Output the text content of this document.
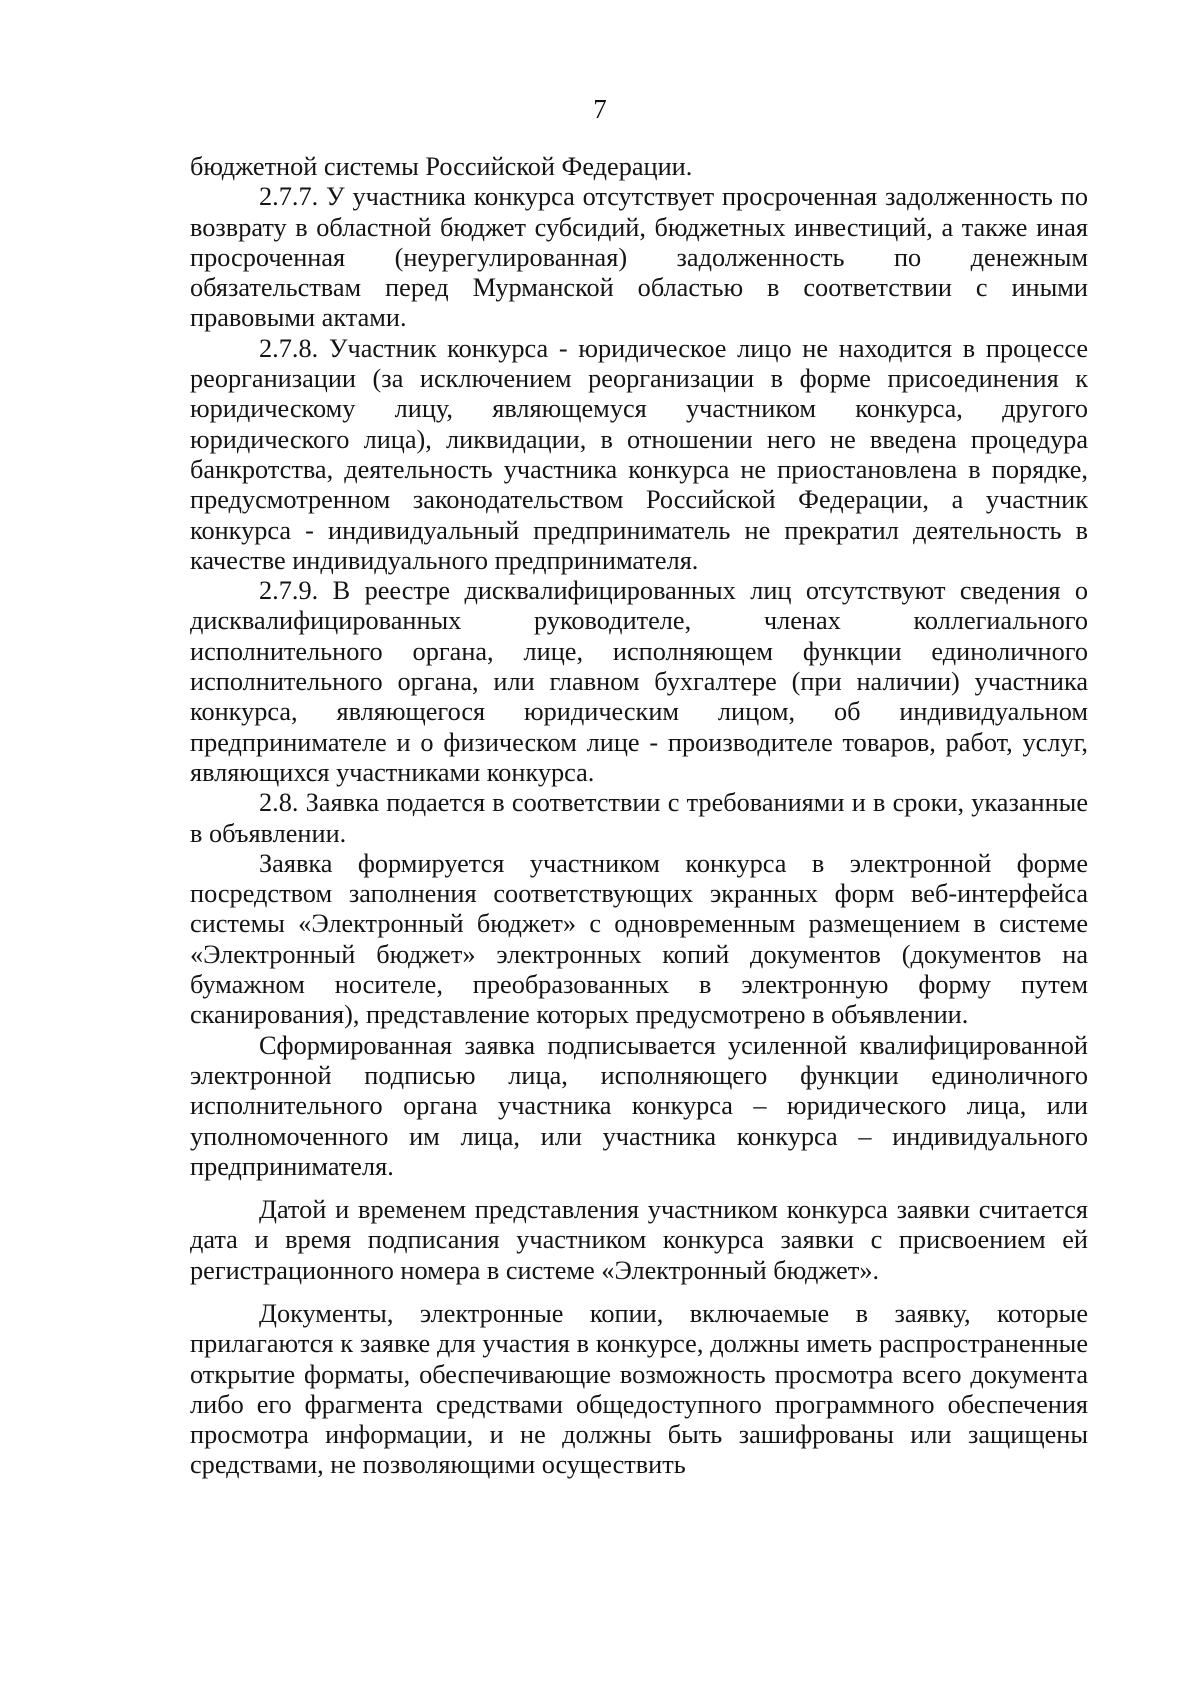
7

бюджетной системы Российской Федерации.

2.7.7. У участника конкурса отсутствует просроченная задолженность по возврату в областной бюджет субсидий, бюджетных инвестиций, а также иная просроченная (неурегулированная) задолженность по денежным обязательствам перед Мурманской областью в соответствии с иными правовыми актами.

2.7.8. Участник конкурса - юридическое лицо не находится в процессе реорганизации (за исключением реорганизации в форме присоединения к юридическому лицу, являющемуся участником конкурса, другого юридического лица), ликвидации, в отношении него не введена процедура банкротства, деятельность участника конкурса не приостановлена в порядке, предусмотренном законодательством Российской Федерации, а участник конкурса - индивидуальный предприниматель не прекратил деятельность в качестве индивидуального предпринимателя.

2.7.9. В реестре дисквалифицированных лиц отсутствуют сведения о дисквалифицированных руководителе, членах коллегиального исполнительного органа, лице, исполняющем функции единоличного исполнительного органа, или главном бухгалтере (при наличии) участника конкурса, являющегося юридическим лицом, об индивидуальном предпринимателе и о физическом лице - производителе товаров, работ, услуг, являющихся участниками конкурса.

2.8. Заявка подается в соответствии с требованиями и в сроки, указанные в объявлении.

Заявка формируется участником конкурса в электронной форме посредством заполнения соответствующих экранных форм веб-интерфейса системы «Электронный бюджет» с одновременным размещением в системе «Электронный бюджет» электронных копий документов (документов на бумажном носителе, преобразованных в электронную форму путем сканирования), представление которых предусмотрено в объявлении.

Сформированная заявка подписывается усиленной квалифицированной электронной подписью лица, исполняющего функции единоличного исполнительного органа участника конкурса – юридического лица, или уполномоченного им лица, или участника конкурса – индивидуального предпринимателя.

Датой и временем представления участником конкурса заявки считается дата и время подписания участником конкурса заявки с присвоением ей регистрационного номера в системе «Электронный бюджет».

Документы, электронные копии, включаемые в заявку, которые прилагаются к заявке для участия в конкурсе, должны иметь распространенные открытие форматы, обеспечивающие возможность просмотра всего документа либо его фрагмента средствами общедоступного программного обеспечения просмотра информации, и не должны быть зашифрованы или защищены средствами, не позволяющими осуществить
